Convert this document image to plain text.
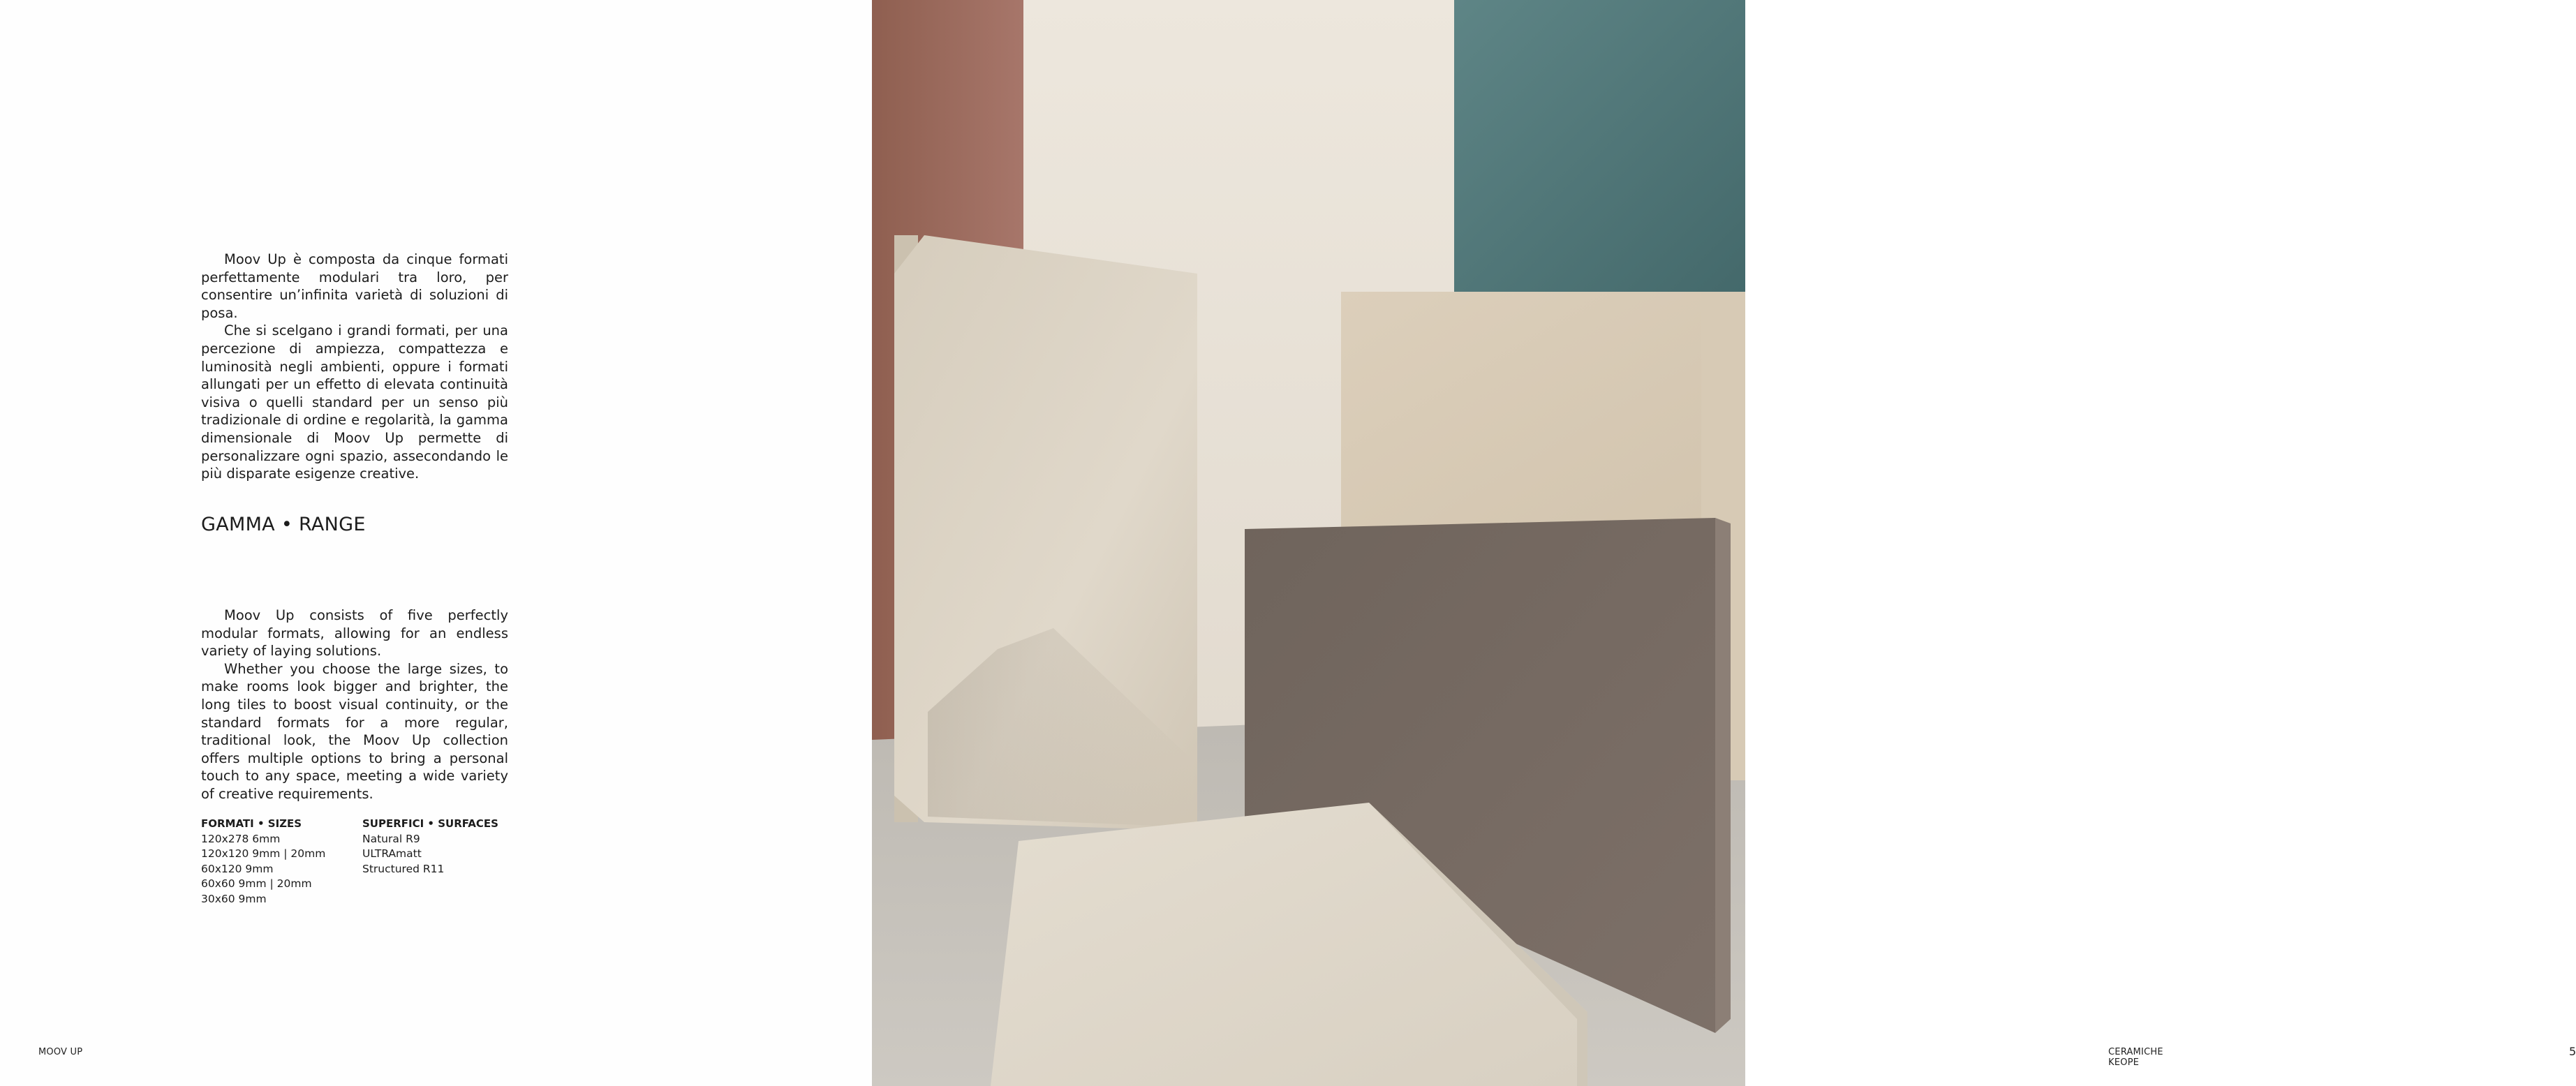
Moov Up è composta da cinque formati perfettamente modulari tra loro, per consentire un’infinita varietà di soluzioni di posa.

Che si scelgano i grandi formati, per una percezione di ampiezza, compattezza e luminosità negli ambienti, oppure i formati allungati per un effetto di elevata continuità visiva o quelli standard per un senso più tradizionale di ordine e regolarità, la gamma dimensionale di Moov Up permette di personalizzare ogni spazio, assecondando le più disparate esigenze creative.

GAMMA • RANGE

Moov Up consists of five perfectly modular formats, allowing for an endless variety of laying solutions.

Whether you choose the large sizes, to make rooms look bigger and brighter, the long tiles to boost visual continuity, or the standard formats for a more regular, traditional look, the Moov Up collection offers multiple options to bring a personal touch to any space, meeting a wide variety of creative requirements.

FORMATI • SIZES
120x278 6mm
120x120 9mm | 20mm
60x120 9mm
60x60 9mm | 20mm
30x60 9mm
SUPERFICI • SURFACES
Natural R9
ULTRAmatt
Structured R11
MOOV UP	CERAMICHE KEOPE
5
